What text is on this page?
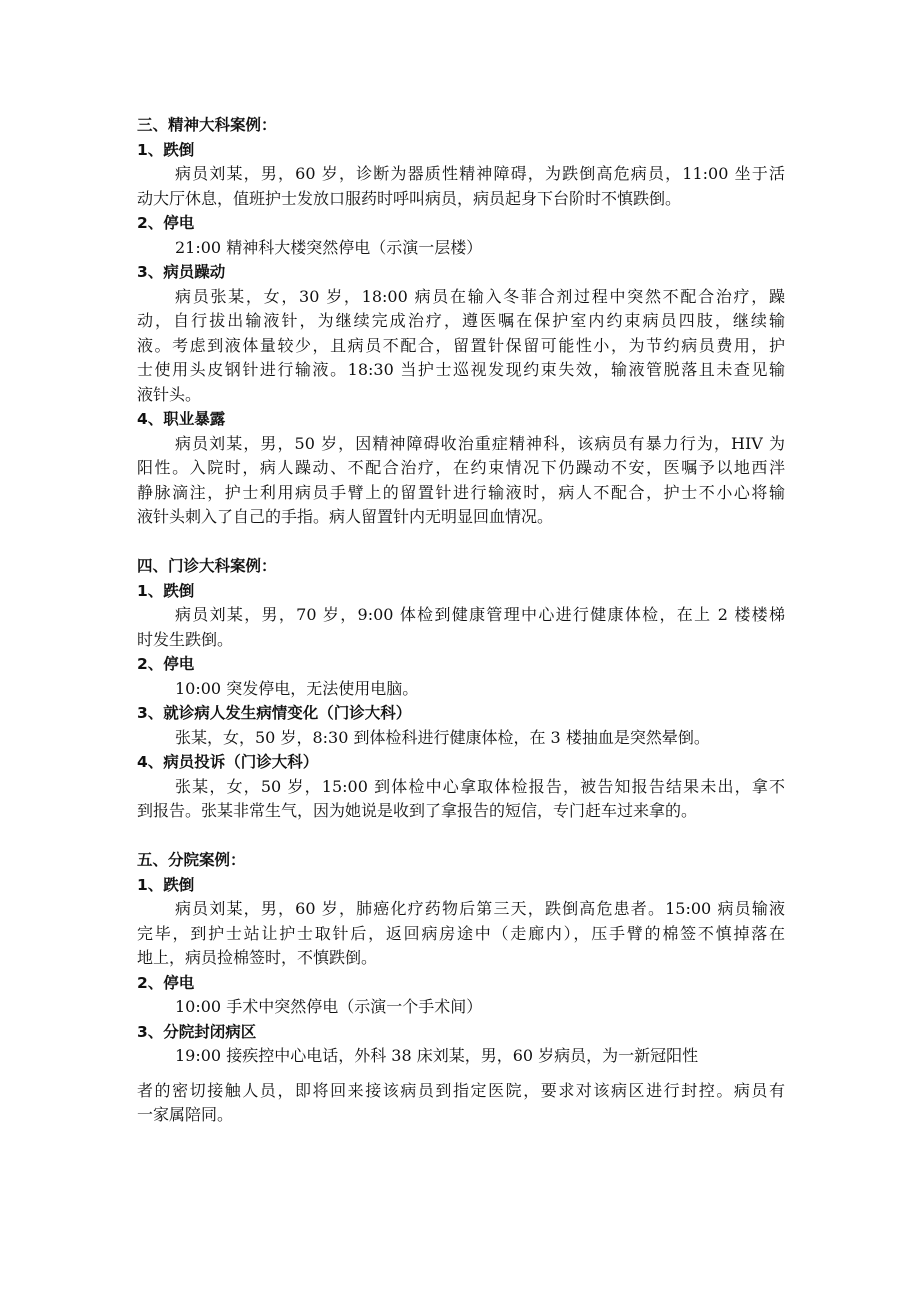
三、精神大科案例：
1、跌倒
病员刘某，男，60 岁，诊断为器质性精神障碍，为跌倒高危病员，11:00 坐于活
动大厅休息，值班护士发放口服药时呼叫病员，病员起身下台阶时不慎跌倒。
2、停电
21:00 精神科大楼突然停电（示演一层楼）
3、病员躁动
病员张某，女，30 岁，18:00 病员在输入冬菲合剂过程中突然不配合治疗，躁
动，自行拔出输液针，为继续完成治疗，遵医嘱在保护室内约束病员四肢，继续输
液。考虑到液体量较少，且病员不配合，留置针保留可能性小，为节约病员费用，护
士使用头皮钢针进行输液。18:30 当护士巡视发现约束失效，输液管脱落且未查见输
液针头。
4、职业暴露
病员刘某，男，50 岁，因精神障碍收治重症精神科，该病员有暴力行为，HIV 为
阳性。入院时，病人躁动、不配合治疗，在约束情况下仍躁动不安，医嘱予以地西泮
静脉滴注，护士利用病员手臂上的留置针进行输液时，病人不配合，护士不小心将输
液针头刺入了自己的手指。病人留置针内无明显回血情况。
四、门诊大科案例：
1、跌倒
病员刘某，男，70 岁，9:00 体检到健康管理中心进行健康体检，在上 2 楼楼梯
时发生跌倒。
2、停电
10:00 突发停电，无法使用电脑。
3、就诊病人发生病情变化（门诊大科）
张某，女，50 岁，8:30 到体检科进行健康体检，在 3 楼抽血是突然晕倒。
4、病员投诉（门诊大科）
张某，女，50 岁，15:00 到体检中心拿取体检报告，被告知报告结果未出，拿不
到报告。张某非常生气，因为她说是收到了拿报告的短信，专门赶车过来拿的。
五、分院案例：
1、跌倒
病员刘某，男，60 岁，肺癌化疗药物后第三天，跌倒高危患者。15:00 病员输液
完毕，到护士站让护士取针后，返回病房途中（走廊内），压手臂的棉签不慎掉落在
地上，病员捡棉签时，不慎跌倒。
2、停电
10:00 手术中突然停电（示演一个手术间）
3、分院封闭病区
19:00 接疾控中心电话，外科 38 床刘某，男，60 岁病员，为一新冠阳性
者的密切接触人员，即将回来接该病员到指定医院，要求对该病区进行封控。病员有
一家属陪同。
